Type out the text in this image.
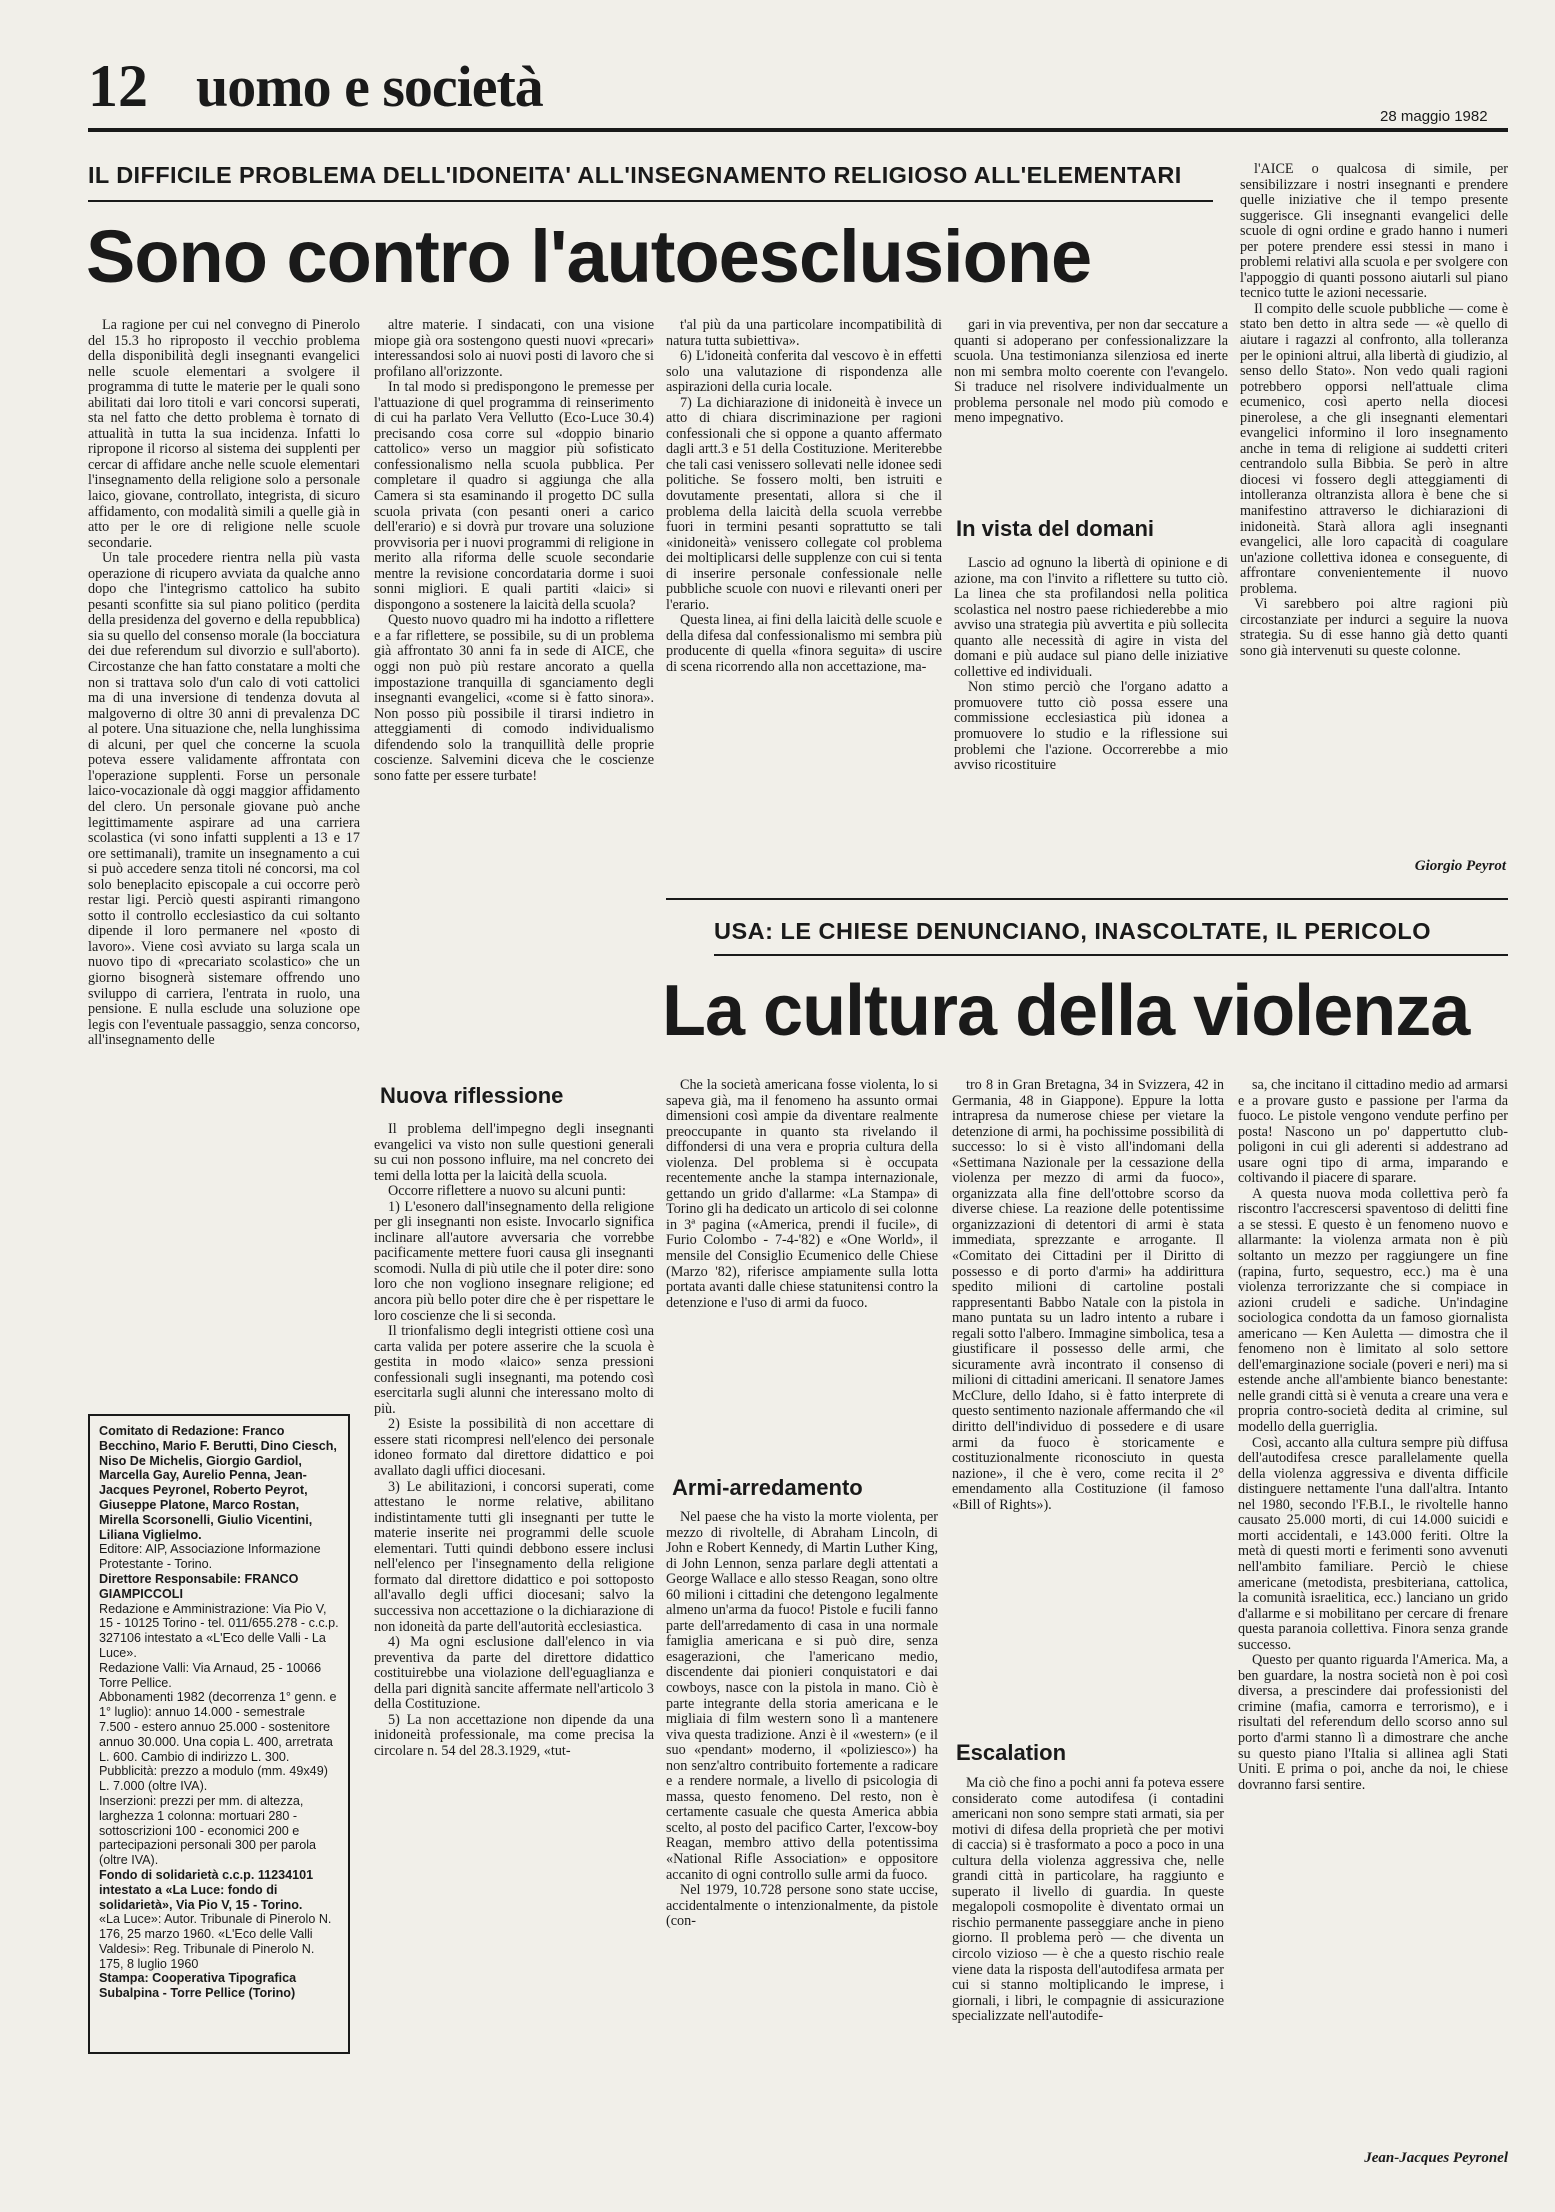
12 uomo e società	28 maggio 1982
IL DIFFICILE PROBLEMA DELL'IDONEITA' ALL'INSEGNAMENTO RELIGIOSO ALL'ELEMENTARI
Sono contro l'autoesclusione

La ragione per cui nel convegno di Pinerolo del 15.3 ho riproposto il vecchio problema della disponibilità degli insegnanti evangelici nelle scuole elementari a svolgere il programma di tutte le materie per le quali sono abilitati dai loro titoli e vari concorsi superati, sta nel fatto che detto problema è tornato di attualità in tutta la sua incidenza. Infatti lo ripropone il ricorso al sistema dei supplenti per cercar di affidare anche nelle scuole elementari l'insegnamento della religione solo a personale laico, giovane, controllato, integrista, di sicuro affidamento, con modalità simili a quelle già in atto per le ore di religione nelle scuole secondarie.

Un tale procedere rientra nella più vasta operazione di ricupero avviata da qualche anno dopo che l'integrismo cattolico ha subito pesanti sconfitte sia sul piano politico (perdita della presidenza del governo e della repubblica) sia su quello del consenso morale (la bocciatura dei due referendum sul divorzio e sull'aborto). Circostanze che han fatto constatare a molti che non si trattava solo d'un calo di voti cattolici ma di una inversione di tendenza dovuta al malgoverno di oltre 30 anni di prevalenza DC al potere. Una situazione che, nella lunghissima di alcuni, per quel che concerne la scuola poteva essere validamente affrontata con l'operazione supplenti. Forse un personale laico-vocazionale dà oggi maggior affidamento del clero. Un personale giovane può anche legittimamente aspirare ad una carriera scolastica (vi sono infatti supplenti a 13 e 17 ore settimanali), tramite un insegnamento a cui si può accedere senza titoli né concorsi, ma col solo beneplacito episcopale a cui occorre però restar ligi. Perciò questi aspiranti rimangono sotto il controllo ecclesiastico da cui soltanto dipende il loro permanere nel «posto di lavoro». Viene così avviato su larga scala un nuovo tipo di «precariato scolastico» che un giorno bisognerà sistemare offrendo uno sviluppo di carriera, l'entrata in ruolo, una pensione. E nulla esclude una soluzione ope legis con l'eventuale passaggio, senza concorso, all'insegnamento delle

altre materie. I sindacati, con una visione miope già ora sostengono questi nuovi «precari» interessandosi solo ai nuovi posti di lavoro che si profilano all'orizzonte.

In tal modo si predispongono le premesse per l'attuazione di quel programma di reinserimento di cui ha parlato Vera Vellutto (Eco-Luce 30.4) precisando cosa corre sul «doppio binario cattolico» verso un maggior più sofisticato confessionalismo nella scuola pubblica. Per completare il quadro si aggiunga che alla Camera si sta esaminando il progetto DC sulla scuola privata (con pesanti oneri a carico dell'erario) e si dovrà pur trovare una soluzione provvisoria per i nuovi programmi di religione in merito alla riforma delle scuole secondarie mentre la revisione concordataria dorme i suoi sonni migliori. E quali partiti «laici» si dispongono a sostenere la laicità della scuola?

Questo nuovo quadro mi ha indotto a riflettere e a far riflettere, se possibile, su di un problema già affrontato 30 anni fa in sede di AICE, che oggi non può più restare ancorato a quella impostazione tranquilla di sganciamento degli insegnanti evangelici, «come si è fatto sinora». Non posso più possibile il tirarsi indietro in atteggiamenti di comodo individualismo difendendo solo la tranquillità delle proprie coscienze. Salvemini diceva che le coscienze sono fatte per essere turbate!

Nuova riflessione

Il problema dell'impegno degli insegnanti evangelici va visto non sulle questioni generali su cui non possono influire, ma nel concreto dei temi della lotta per la laicità della scuola.

Occorre riflettere a nuovo su alcuni punti:

1) L'esonero dall'insegnamento della religione per gli insegnanti non esiste. Invocarlo significa inclinare all'autore avversaria che vorrebbe pacificamente mettere fuori causa gli insegnanti scomodi. Nulla di più utile che il poter dire: sono loro che non vogliono insegnare religione; ed ancora più bello poter dire che è per rispettare le loro coscienze che li si seconda.

Il trionfalismo degli integristi ottiene così una carta valida per potere asserire che la scuola è gestita in modo «laico» senza pressioni confessionali sugli insegnanti, ma potendo così esercitarla sugli alunni che interessano molto di più.

2) Esiste la possibilità di non accettare di essere stati ricompresi nell'elenco dei personale idoneo formato dal direttore didattico e poi avallato dagli uffici diocesani.

3) Le abilitazioni, i concorsi superati, come attestano le norme relative, abilitano indistintamente tutti gli insegnanti per tutte le materie inserite nei programmi delle scuole elementari. Tutti quindi debbono essere inclusi nell'elenco per l'insegnamento della religione formato dal direttore didattico e poi sottoposto all'avallo degli uffici diocesani; salvo la successiva non accettazione o la dichiarazione di non idoneità da parte dell'autorità ecclesiastica.

4) Ma ogni esclusione dall'elenco in via preventiva da parte del direttore didattico costituirebbe una violazione dell'eguaglianza e della pari dignità sancite affermate nell'articolo 3 della Costituzione.

5) La non accettazione non dipende da una inidoneità professionale, ma come precisa la circolare n. 54 del 28.3.1929, «tut-

t'al più da una particolare incompatibilità di natura tutta subiettiva».

6) L'idoneità conferita dal vescovo è in effetti solo una valutazione di rispondenza alle aspirazioni della curia locale.

7) La dichiarazione di inidoneità è invece un atto di chiara discriminazione per ragioni confessionali che si oppone a quanto affermato dagli artt.3 e 51 della Costituzione. Meriterebbe che tali casi venissero sollevati nelle idonee sedi politiche. Se fossero molti, ben istruiti e dovutamente presentati, allora si che il problema della laicità della scuola verrebbe fuori in termini pesanti soprattutto se tali «inidoneità» venissero collegate col problema dei moltiplicarsi delle supplenze con cui si tenta di inserire personale confessionale nelle pubbliche scuole con nuovi e rilevanti oneri per l'erario.

Questa linea, ai fini della laicità delle scuole e della difesa dal confessionalismo mi sembra più producente di quella «finora seguita» di uscire di scena ricorrendo alla non accettazione, ma-

gari in via preventiva, per non dar seccature a quanti si adoperano per confessionalizzare la scuola. Una testimonianza silenziosa ed inerte non mi sembra molto coerente con l'evangelo. Si traduce nel risolvere individualmente un problema personale nel modo più comodo e meno impegnativo.

In vista del domani

Lascio ad ognuno la libertà di opinione e di azione, ma con l'invito a riflettere su tutto ciò. La linea che sta profilandosi nella politica scolastica nel nostro paese richiederebbe a mio avviso una strategia più avvertita e più sollecita quanto alle necessità di agire in vista del domani e più audace sul piano delle iniziative collettive ed individuali.

Non stimo perciò che l'organo adatto a promuovere tutto ciò possa essere una commissione ecclesiastica più idonea a promuovere lo studio e la riflessione sui problemi che l'azione. Occorrerebbe a mio avviso ricostituire

l'AICE o qualcosa di simile, per sensibilizzare i nostri insegnanti e prendere quelle iniziative che il tempo presente suggerisce. Gli insegnanti evangelici delle scuole di ogni ordine e grado hanno i numeri per potere prendere essi stessi in mano i problemi relativi alla scuola e per svolgere con l'appoggio di quanti possono aiutarli sul piano tecnico tutte le azioni necessarie.

Il compito delle scuole pubbliche — come è stato ben detto in altra sede — «è quello di aiutare i ragazzi al confronto, alla tolleranza per le opinioni altrui, alla libertà di giudizio, al senso dello Stato». Non vedo quali ragioni potrebbero opporsi nell'attuale clima ecumenico, così aperto nella diocesi pinerolese, a che gli insegnanti elementari evangelici informino il loro insegnamento anche in tema di religione ai suddetti criteri centrandolo sulla Bibbia. Se però in altre diocesi vi fossero degli atteggiamenti di intolleranza oltranzista allora è bene che si manifestino attraverso le dichiarazioni di inidoneità. Starà allora agli insegnanti evangelici, alle loro capacità di coagulare un'azione collettiva idonea e conseguente, di affrontare convenientemente il nuovo problema.

Vi sarebbero poi altre ragioni più circostanziate per indurci a seguire la nuova strategia. Su di esse hanno già detto quanti sono già intervenuti su queste colonne.

Giorgio Peyrot
Comitato di Redazione: Franco Becchino, Mario F. Berutti, Dino Ciesch, Niso De Michelis, Giorgio Gardiol, Marcella Gay, Aurelio Penna, Jean-Jacques Peyronel, Roberto Peyrot, Giuseppe Platone, Marco Rostan, Mirella Scorsonelli, Giulio Vicentini, Liliana Viglielmo.
Editore: AIP, Associazione Informazione Protestante - Torino.
Direttore Responsabile: FRANCO GIAMPICCOLI
Redazione e Amministrazione: Via Pio V, 15 - 10125 Torino - tel. 011/655.278 - c.c.p. 327106 intestato a «L'Eco delle Valli - La Luce».
Redazione Valli: Via Arnaud, 25 - 10066 Torre Pellice.
Abbonamenti 1982 (decorrenza 1° genn. e 1° luglio): annuo 14.000 - semestrale 7.500 - estero annuo 25.000 - sostenitore annuo 30.000. Una copia L. 400, arretrata L. 600. Cambio di indirizzo L. 300.
Pubblicità: prezzo a modulo (mm. 49x49) L. 7.000 (oltre IVA).
Inserzioni: prezzi per mm. di altezza, larghezza 1 colonna: mortuari 280 - sottoscrizioni 100 - economici 200 e partecipazioni personali 300 per parola (oltre IVA).
Fondo di solidarietà c.c.p. 11234101 intestato a «La Luce: fondo di solidarietà», Via Pio V, 15 - Torino.
«La Luce»: Autor. Tribunale di Pinerolo N. 176, 25 marzo 1960. «L'Eco delle Valli Valdesi»: Reg. Tribunale di Pinerolo N. 175, 8 luglio 1960
Stampa: Cooperativa Tipografica Subalpina - Torre Pellice (Torino)
USA: LE CHIESE DENUNCIANO, INASCOLTATE, IL PERICOLO
La cultura della violenza

Che la società americana fosse violenta, lo si sapeva già, ma il fenomeno ha assunto ormai dimensioni così ampie da diventare realmente preoccupante in quanto sta rivelando il diffondersi di una vera e propria cultura della violenza. Del problema si è occupata recentemente anche la stampa internazionale, gettando un grido d'allarme: «La Stampa» di Torino gli ha dedicato un articolo di sei colonne in 3ª pagina («America, prendi il fucile», di Furio Colombo - 7-4-'82) e «One World», il mensile del Consiglio Ecumenico delle Chiese (Marzo '82), riferisce ampiamente sulla lotta portata avanti dalle chiese statunitensi contro la detenzione e l'uso di armi da fuoco.

Armi-arredamento

Nel paese che ha visto la morte violenta, per mezzo di rivoltelle, di Abraham Lincoln, di John e Robert Kennedy, di Martin Luther King, di John Lennon, senza parlare degli attentati a George Wallace e allo stesso Reagan, sono oltre 60 milioni i cittadini che detengono legalmente almeno un'arma da fuoco! Pistole e fucili fanno parte dell'arredamento di casa in una normale famiglia americana e si può dire, senza esagerazioni, che l'americano medio, discendente dai pionieri conquistatori e dai cowboys, nasce con la pistola in mano. Ciò è parte integrante della storia americana e le migliaia di film western sono lì a mantenere viva questa tradizione. Anzi è il «western» (e il suo «pendant» moderno, il «poliziesco») ha non senz'altro contribuito fortemente a radicare e a rendere normale, a livello di psicologia di massa, questo fenomeno. Del resto, non è certamente casuale che questa America abbia scelto, al posto del pacifico Carter, l'excow-boy Reagan, membro attivo della potentissima «National Rifle Association» e oppositore accanito di ogni controllo sulle armi da fuoco.

Nel 1979, 10.728 persone sono state uccise, accidentalmente o intenzionalmente, da pistole (con-

tro 8 in Gran Bretagna, 34 in Svizzera, 42 in Germania, 48 in Giappone). Eppure la lotta intrapresa da numerose chiese per vietare la detenzione di armi, ha pochissime possibilità di successo: lo si è visto all'indomani della «Settimana Nazionale per la cessazione della violenza per mezzo di armi da fuoco», organizzata alla fine dell'ottobre scorso da diverse chiese. La reazione delle potentissime organizzazioni di detentori di armi è stata immediata, sprezzante e arrogante. Il «Comitato dei Cittadini per il Diritto di possesso e di porto d'armi» ha addirittura spedito milioni di cartoline postali rappresentanti Babbo Natale con la pistola in mano puntata su un ladro intento a rubare i regali sotto l'albero. Immagine simbolica, tesa a giustificare il possesso delle armi, che sicuramente avrà incontrato il consenso di milioni di cittadini americani. Il senatore James McClure, dello Idaho, si è fatto interprete di questo sentimento nazionale affermando che «il diritto dell'individuo di possedere e di usare armi da fuoco è storicamente e costituzionalmente riconosciuto in questa nazione», il che è vero, come recita il 2° emendamento alla Costituzione (il famoso «Bill of Rights»).

Escalation

Ma ciò che fino a pochi anni fa poteva essere considerato come autodifesa (i contadini americani non sono sempre stati armati, sia per motivi di difesa della proprietà che per motivi di caccia) si è trasformato a poco a poco in una cultura della violenza aggressiva che, nelle grandi città in particolare, ha raggiunto e superato il livello di guardia. In queste megalopoli cosmopolite è diventato ormai un rischio permanente passeggiare anche in pieno giorno. Il problema però — che diventa un circolo vizioso — è che a questo rischio reale viene data la risposta dell'autodifesa armata per cui si stanno moltiplicando le imprese, i giornali, i libri, le compagnie di assicurazione specializzate nell'autodife-

sa, che incitano il cittadino medio ad armarsi e a provare gusto e passione per l'arma da fuoco. Le pistole vengono vendute perfino per posta! Nascono un po' dappertutto club-poligoni in cui gli aderenti si addestrano ad usare ogni tipo di arma, imparando e coltivando il piacere di sparare.

A questa nuova moda collettiva però fa riscontro l'accrescersi spaventoso di delitti fine a se stessi. E questo è un fenomeno nuovo e allarmante: la violenza armata non è più soltanto un mezzo per raggiungere un fine (rapina, furto, sequestro, ecc.) ma è una violenza terrorizzante che si compiace in azioni crudeli e sadiche. Un'indagine sociologica condotta da un famoso giornalista americano — Ken Auletta — dimostra che il fenomeno non è limitato al solo settore dell'emarginazione sociale (poveri e neri) ma si estende anche all'ambiente bianco benestante: nelle grandi città si è venuta a creare una vera e propria contro-società dedita al crimine, sul modello della guerriglia.

Così, accanto alla cultura sempre più diffusa dell'autodifesa cresce parallelamente quella della violenza aggressiva e diventa difficile distinguere nettamente l'una dall'altra. Intanto nel 1980, secondo l'F.B.I., le rivoltelle hanno causato 25.000 morti, di cui 14.000 suicidi e morti accidentali, e 143.000 feriti. Oltre la metà di questi morti e ferimenti sono avvenuti nell'ambito familiare. Perciò le chiese americane (metodista, presbiteriana, cattolica, la comunità israelitica, ecc.) lanciano un grido d'allarme e si mobilitano per cercare di frenare questa paranoia collettiva. Finora senza grande successo.

Questo per quanto riguarda l'America. Ma, a ben guardare, la nostra società non è poi così diversa, a prescindere dai professionisti del crimine (mafia, camorra e terrorismo), e i risultati del referendum dello scorso anno sul porto d'armi stanno lì a dimostrare che anche su questo piano l'Italia si allinea agli Stati Uniti. E prima o poi, anche da noi, le chiese dovranno farsi sentire.

Jean-Jacques Peyronel
